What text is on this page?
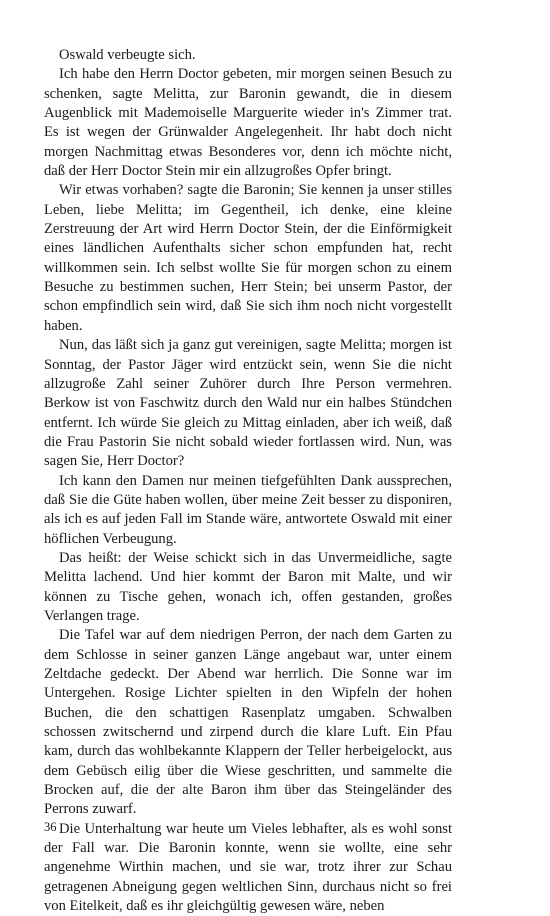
Oswald verbeugte sich.

Ich habe den Herrn Doctor gebeten, mir morgen seinen Besuch zu schenken, sagte Melitta, zur Baronin gewandt, die in diesem Augenblick mit Mademoiselle Marguerite wieder in's Zimmer trat. Es ist wegen der Grünwalder Angelegenheit. Ihr habt doch nicht morgen Nachmittag etwas Besonderes vor, denn ich möchte nicht, daß der Herr Doctor Stein mir ein allzugroßes Opfer bringt.

Wir etwas vorhaben? sagte die Baronin; Sie kennen ja unser stilles Leben, liebe Melitta; im Gegentheil, ich denke, eine kleine Zerstreuung der Art wird Herrn Doctor Stein, der die Einförmigkeit eines ländlichen Aufenthalts sicher schon empfunden hat, recht willkommen sein. Ich selbst wollte Sie für morgen schon zu einem Besuche zu bestimmen suchen, Herr Stein; bei unserm Pastor, der schon empfindlich sein wird, daß Sie sich ihm noch nicht vorgestellt haben.

Nun, das läßt sich ja ganz gut vereinigen, sagte Melitta; morgen ist Sonntag, der Pastor Jäger wird entzückt sein, wenn Sie die nicht allzugroße Zahl seiner Zuhörer durch Ihre Person vermehren. Berkow ist von Faschwitz durch den Wald nur ein halbes Stündchen entfernt. Ich würde Sie gleich zu Mittag einladen, aber ich weiß, daß die Frau Pastorin Sie nicht sobald wieder fortlassen wird. Nun, was sagen Sie, Herr Doctor?

Ich kann den Damen nur meinen tiefgefühlten Dank aussprechen, daß Sie die Güte haben wollen, über meine Zeit besser zu disponiren, als ich es auf jeden Fall im Stande wäre, antwortete Oswald mit einer höflichen Verbeugung.

Das heißt: der Weise schickt sich in das Unvermeidliche, sagte Melitta lachend. Und hier kommt der Baron mit Malte, und wir können zu Tische gehen, wonach ich, offen gestanden, großes Verlangen trage.

Die Tafel war auf dem niedrigen Perron, der nach dem Garten zu dem Schlosse in seiner ganzen Länge angebaut war, unter einem Zeltdache gedeckt. Der Abend war herrlich. Die Sonne war im Untergehen. Rosige Lichter spielten in den Wipfeln der hohen Buchen, die den schattigen Rasenplatz umgaben. Schwalben schossen zwitschernd und zirpend durch die klare Luft. Ein Pfau kam, durch das wohlbekannte Klappern der Teller herbeigelockt, aus dem Gebüsch eilig über die Wiese geschritten, und sammelte die Brocken auf, die der alte Baron ihm über das Steingeländer des Perrons zuwarf.

Die Unterhaltung war heute um Vieles lebhafter, als es wohl sonst der Fall war. Die Baronin konnte, wenn sie wollte, eine sehr angenehme Wirthin machen, und sie war, trotz ihrer zur Schau getragenen Abneigung gegen weltlichen Sinn, durchaus nicht so frei von Eitelkeit, daß es ihr gleichgültig gewesen wäre, neben

36
